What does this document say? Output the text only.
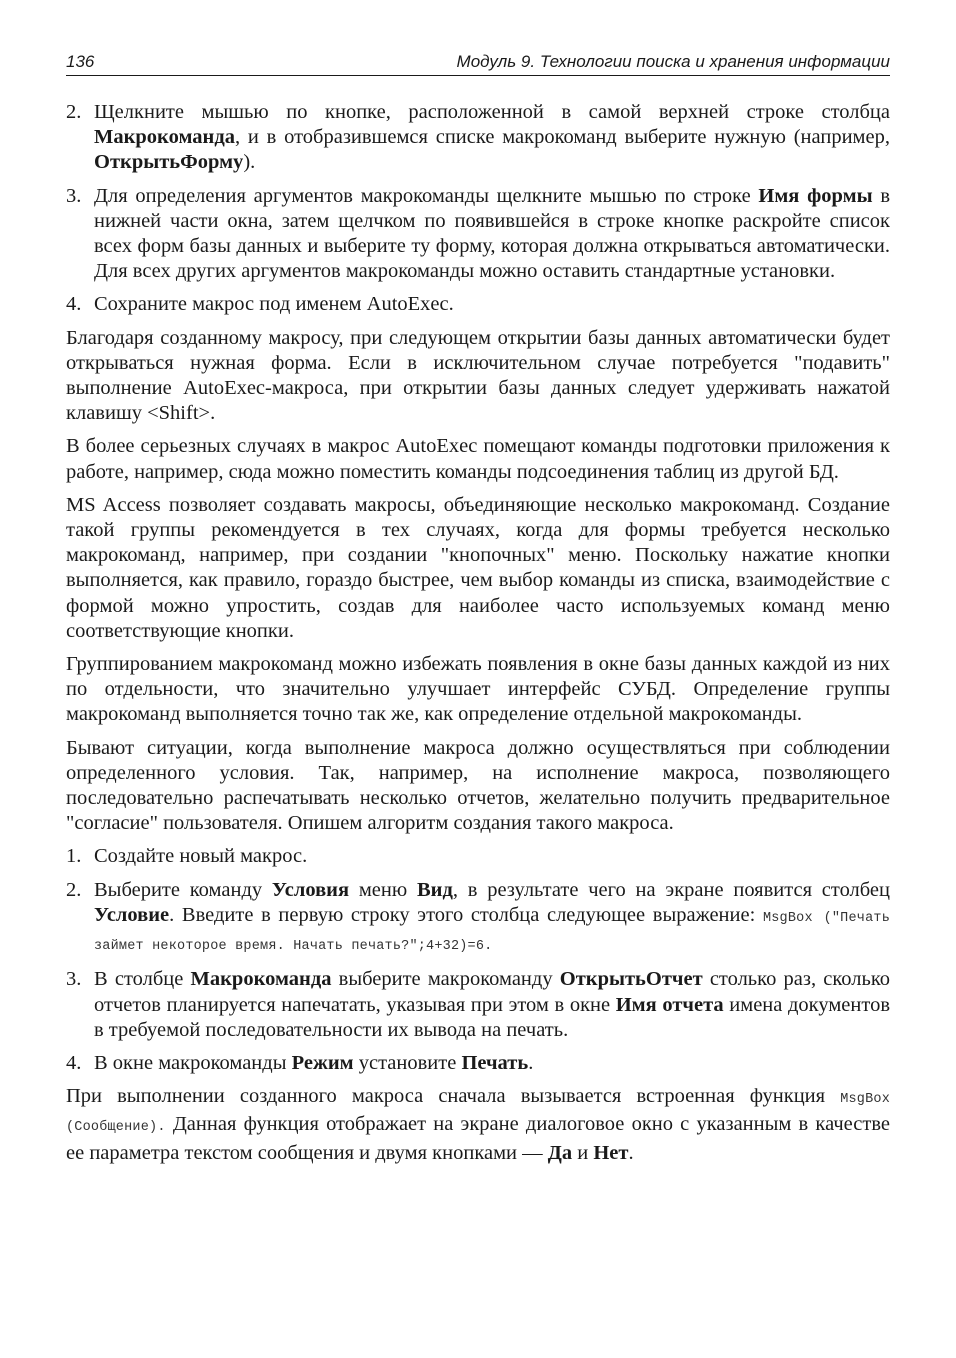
136	Модуль 9. Технологии поиска и хранения информации
2. Щелкните мышью по кнопке, расположенной в самой верхней строке столбца Макрокоманда, и в отобразившемся списке макрокоманд выберите нужную (например, ОткрытьФорму).
3. Для определения аргументов макрокоманды щелкните мышью по строке Имя формы в нижней части окна, затем щелчком по появившейся в строке кнопке раскройте список всех форм базы данных и выберите ту форму, которая должна открываться автоматически. Для всех других аргументов макрокоманды можно оставить стандартные установки.
4. Сохраните макрос под именем AutoExec.

Благодаря созданному макросу, при следующем открытии базы данных автоматически будет открываться нужная форма. Если в исключительном случае потребуется "подавить" выполнение AutoExec-макроса, при открытии базы данных следует удерживать нажатой клавишу <Shift>.

В более серьезных случаях в макрос AutoExec помещают команды подготовки приложения к работе, например, сюда можно поместить команды подсоединения таблиц из другой БД.

MS Access позволяет создавать макросы, объединяющие несколько макрокоманд. Создание такой группы рекомендуется в тех случаях, когда для формы требуется несколько макрокоманд, например, при создании "кнопочных" меню. Поскольку нажатие кнопки выполняется, как правило, гораздо быстрее, чем выбор команды из списка, взаимодействие с формой можно упростить, создав для наиболее часто используемых команд меню соответствующие кнопки.

Группированием макрокоманд можно избежать появления в окне базы данных каждой из них по отдельности, что значительно улучшает интерфейс СУБД. Определение группы макрокоманд выполняется точно так же, как определение отдельной макрокоманды.

Бывают ситуации, когда выполнение макроса должно осуществляться при соблюдении определенного условия. Так, например, на исполнение макроса, позволяющего последовательно распечатывать несколько отчетов, желательно получить предварительное "согласие" пользователя. Опишем алгоритм создания такого макроса.

1. Создайте новый макрос.
2. Выберите команду Условия меню Вид, в результате чего на экране появится столбец Условие. Введите в первую строку этого столбца следующее выражение: MsgBox ("Печать займет некоторое время. Начать печать?";4+32)=6.
3. В столбце Макрокоманда выберите макрокоманду ОткрытьОтчет столько раз, сколько отчетов планируется напечатать, указывая при этом в окне Имя отчета имена документов в требуемой последовательности их вывода на печать.
4. В окне макрокоманды Режим установите Печать.

При выполнении созданного макроса сначала вызывается встроенная функция MsgBox (Сообщение). Данная функция отображает на экране диалоговое окно с указанным в качестве ее параметра текстом сообщения и двумя кнопками — Да и Нет.
